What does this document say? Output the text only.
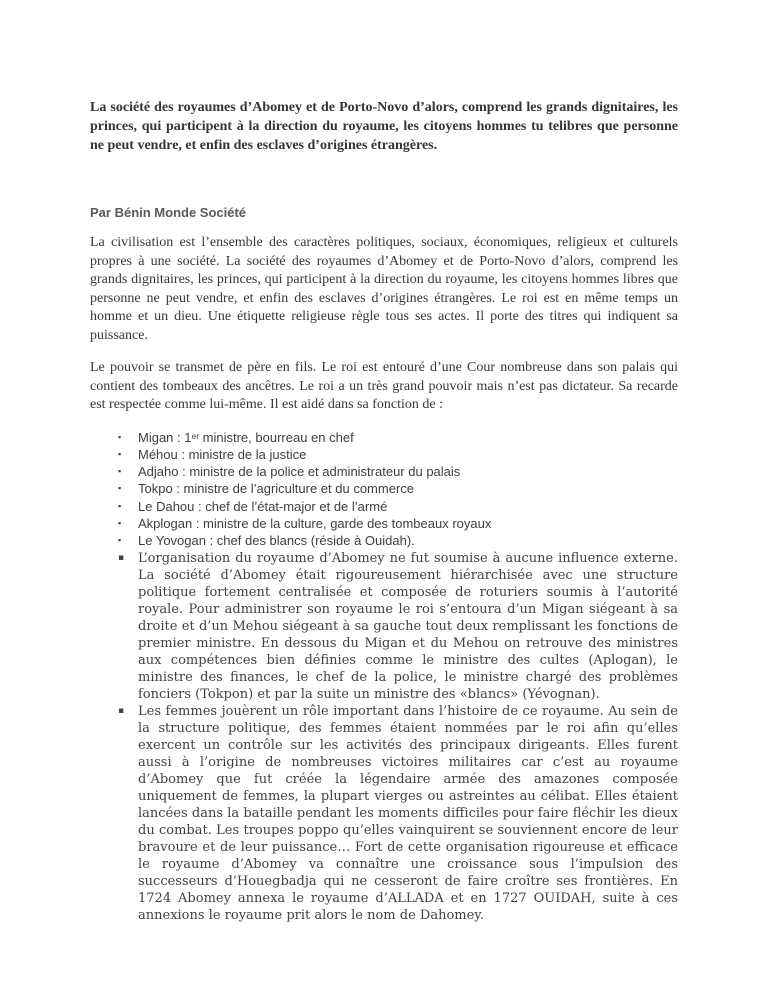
La société des royaumes d’Abomey et de Porto-Novo d’alors, comprend les grands dignitaires, les princes, qui participent à la direction du royaume, les citoyens hommes tu telibres que personne ne peut vendre, et enfin des esclaves d’origines étrangères.

Par Bénin Monde Société

La civilisation est l’ensemble des caractères politiques, sociaux, économiques, religieux et culturels propres à une société. La société des royaumes d’Abomey et de Porto-Novo d’alors, comprend les grands dignitaires, les princes, qui participent à la direction du royaume, les citoyens hommes libres que personne ne peut vendre, et enfin des esclaves d’origines étrangères. Le roi est en même temps un homme et un dieu. Une étiquette religieuse règle tous ses actes. Il porte des titres qui indiquent sa puissance.

Le pouvoir se transmet de père en fils. Le roi est entouré d’une Cour nombreuse dans son palais qui contient des tombeaux des ancêtres. Le roi a un très grand pouvoir mais n’est pas dictateur. Sa recarde est respectée comme lui-même. Il est aidé dans sa fonction de :

▪	Migan : 1er ministre, bourreau en chef
▪	Méhou : ministre de la justice
▪	Adjaho : ministre de la police et administrateur du palais
▪	Tokpo : ministre de l’agriculture et du commerce
▪	Le Dahou : chef de l’état-major et de l’armé
▪	Akplogan : ministre de la culture, garde des tombeaux royaux
▪	Le Yovogan : chef des blancs (réside à Ouidah).
▪	L’organisation du royaume d’Abomey ne fut soumise à aucune influence externe. La société d’Abomey était rigoureusement hiérarchisée avec une structure politique fortement centralisée et composée de roturiers soumis à l’autorité royale. Pour administrer son royaume le roi s’entoura d’un Migan siégeant à sa droite et d’un Mehou siégeant à sa gauche tout deux remplissant les fonctions de premier ministre. En dessous du Migan et du Mehou on retrouve des ministres aux compétences bien définies comme le ministre des cultes (Aplogan), le ministre des finances, le chef de la police, le ministre chargé des problèmes fonciers (Tokpon) et par la suite un ministre des «blancs» (Yévognan).
▪	Les femmes jouèrent un rôle important dans l’histoire de ce royaume. Au sein de la structure politique, des femmes étaient nommées par le roi afin qu’elles exercent un contrôle sur les activités des principaux dirigeants. Elles furent aussi à l’origine de nombreuses victoires militaires car c’est au royaume d’Abomey que fut créée la légendaire armée des amazones composée uniquement de femmes, la plupart vierges ou astreintes au célibat. Elles étaient lancées dans la bataille pendant les moments difficiles pour faire fléchir les dieux du combat. Les troupes poppo qu’elles vainquirent se souviennent encore de leur bravoure et de leur puissance… Fort de cette organisation rigoureuse et efficace le royaume d’Abomey va connaître une croissance sous l’impulsion des successeurs d’Houegbadja qui ne cesseront de faire croître ses frontières. En 1724 Abomey annexa le royaume d’ALLADA et en 1727 OUIDAH, suite à ces annexions le royaume prit alors le nom de Dahomey.
